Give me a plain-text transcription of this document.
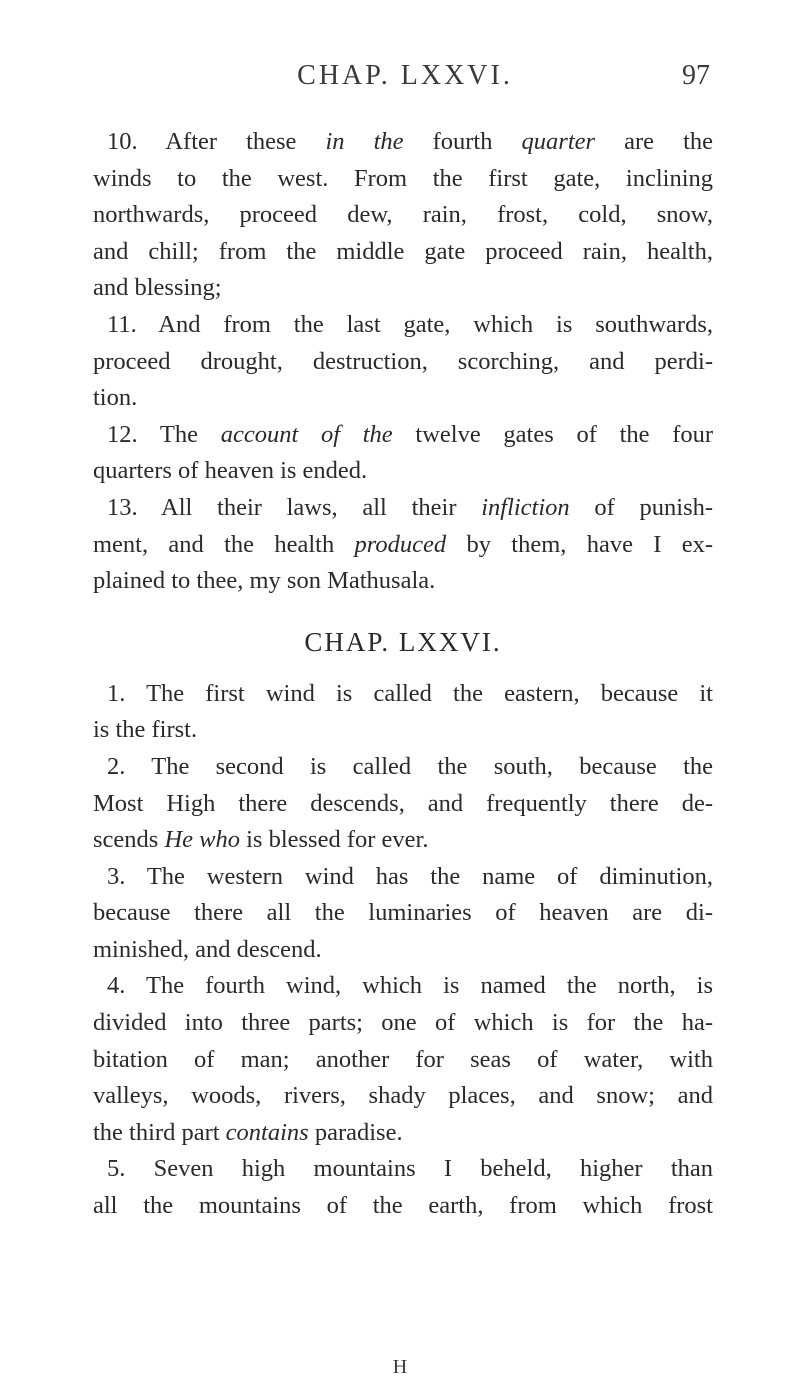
CHAP. LXXVI.	97
10. After these in the fourth quarter are the
winds to the west. From the first gate, inclining
northwards, proceed dew, rain, frost, cold, snow,
and chill; from the middle gate proceed rain, health,
and blessing;
11. And from the last gate, which is southwards,
proceed drought, destruction, scorching, and perdi-
tion.
12. The account of the twelve gates of the four
quarters of heaven is ended.
13. All their laws, all their infliction of punish-
ment, and the health produced by them, have I ex-
plained to thee, my son Mathusala.
CHAP. LXXVI.
1. The first wind is called the eastern, because it
is the first.
2. The second is called the south, because the
Most High there descends, and frequently there de-
scends He who is blessed for ever.
3. The western wind has the name of diminution,
because there all the luminaries of heaven are di-
minished, and descend.
4. The fourth wind, which is named the north, is
divided into three parts; one of which is for the ha-
bitation of man; another for seas of water, with
valleys, woods, rivers, shady places, and snow; and
the third part contains paradise.
5. Seven high mountains I beheld, higher than
all the mountains of the earth, from which frost
H
